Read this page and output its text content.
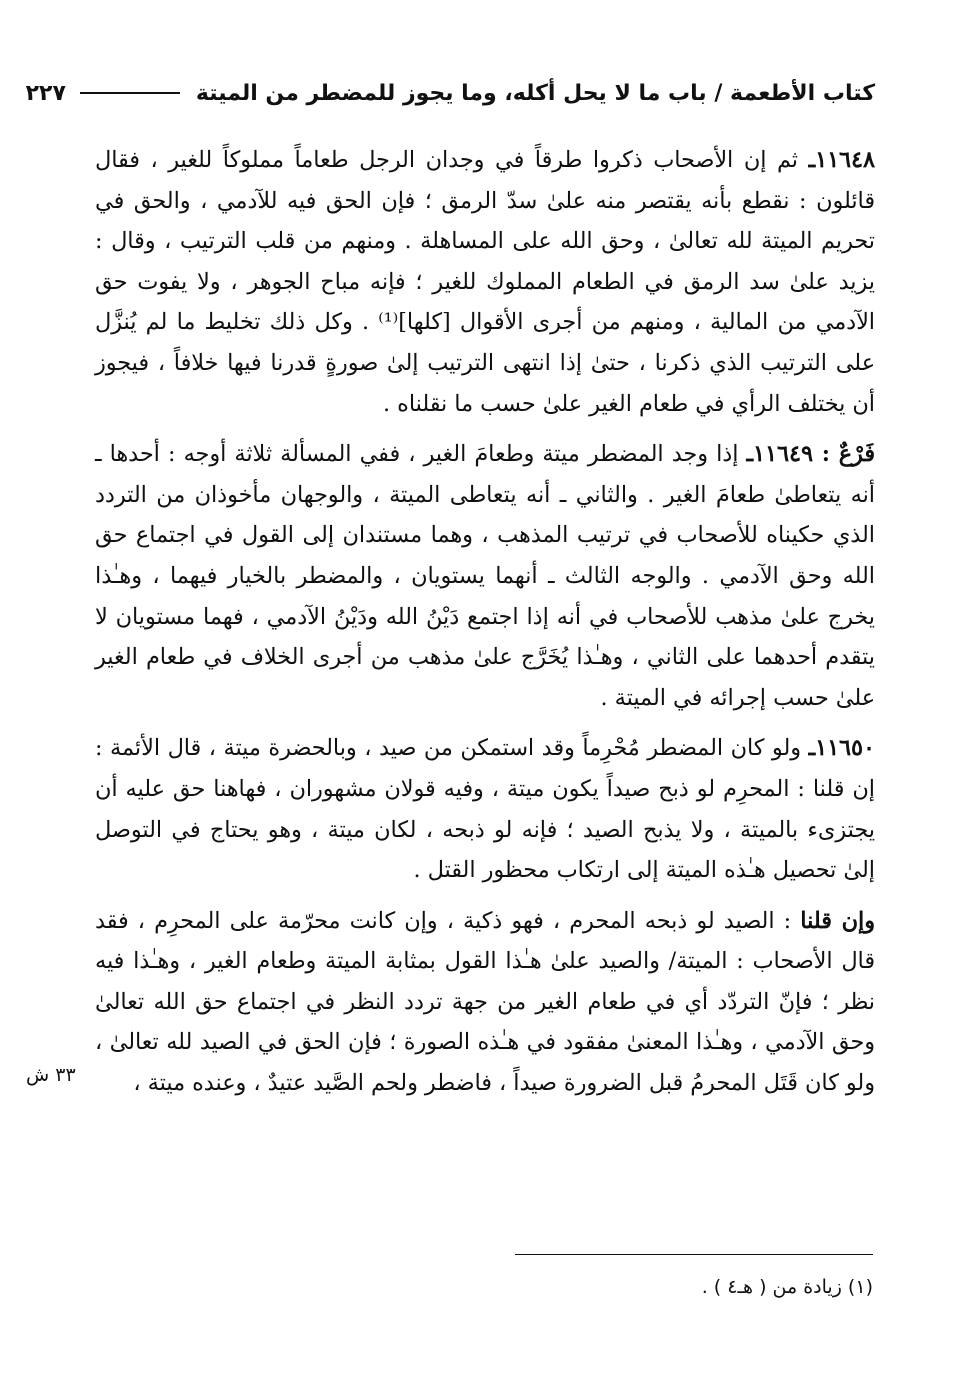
كتاب الأطعمة / باب ما لا يحل أكله، وما يجوز للمضطر من الميتة
٢٢٧

١١٦٤٨ـ ثم إن الأصحاب ذكروا طرقاً في وجدان الرجل طعاماً مملوكاً للغير ، فقال قائلون : نقطع بأنه يقتصر منه علىٰ سدّ الرمق ؛ فإن الحق فيه للآدمي ، والحق في تحريم الميتة لله تعالىٰ ، وحق الله على المساهلة . ومنهم من قلب الترتيب ، وقال : يزيد علىٰ سد الرمق في الطعام المملوك للغير ؛ فإنه مباح الجوهر ، ولا يفوت حق الآدمي من المالية ، ومنهم من أجرى الأقوال [كلها]⁽¹⁾ . وكل ذلك تخليط ما لم يُنزَّل على الترتيب الذي ذكرنا ، حتىٰ إذا انتهى الترتيب إلىٰ صورةٍ قدرنا فيها خلافاً ، فيجوز أن يختلف الرأي في طعام الغير علىٰ حسب ما نقلناه .

فَرْعٌ : ١١٦٤٩ـ إذا وجد المضطر ميتة وطعامَ الغير ، ففي المسألة ثلاثة أوجه : أحدها ـ أنه يتعاطىٰ طعامَ الغير . والثاني ـ أنه يتعاطى الميتة ، والوجهان مأخوذان من التردد الذي حكيناه للأصحاب في ترتيب المذهب ، وهما مستندان إلى القول في اجتماع حق الله وحق الآدمي . والوجه الثالث ـ أنهما يستويان ، والمضطر بالخيار فيهما ، وهـٰذا يخرج علىٰ مذهب للأصحاب في أنه إذا اجتمع دَيْنُ الله ودَيْنُ الآدمي ، فهما مستويان لا يتقدم أحدهما على الثاني ، وهـٰذا يُخَرَّج علىٰ مذهب من أجرى الخلاف في طعام الغير علىٰ حسب إجرائه في الميتة .

١١٦٥٠ـ ولو كان المضطر مُحْرِماً وقد استمكن من صيد ، وبالحضرة ميتة ، قال الأئمة : إن قلنا : المحرِم لو ذبح صيداً يكون ميتة ، وفيه قولان مشهوران ، فهاهنا حق عليه أن يجتزىء بالميتة ، ولا يذبح الصيد ؛ فإنه لو ذبحه ، لكان ميتة ، وهو يحتاج في التوصل إلىٰ تحصيل هـٰذه الميتة إلى ارتكاب محظور القتل .

وإن قلنا : الصيد لو ذبحه المحرم ، فهو ذكية ، وإن كانت محرّمة على المحرِم ، فقد قال الأصحاب : الميتة/ والصيد علىٰ هـٰذا القول بمثابة الميتة وطعام الغير ، وهـٰذا فيه نظر ؛ فإنّ التردّد أي في طعام الغير من جهة تردد النظر في اجتماع حق الله تعالىٰ وحق الآدمي ، وهـٰذا المعنىٰ مفقود في هـٰذه الصورة ؛ فإن الحق في الصيد لله تعالىٰ ، ولو كان قَتَل المحرمُ قبل الضرورة صيداً ، فاضطر ولحم الصَّيد عتيدٌ ، وعنده ميتة ،

٣٣ ش
(١) زيادة من ( هـ٤ ) .
